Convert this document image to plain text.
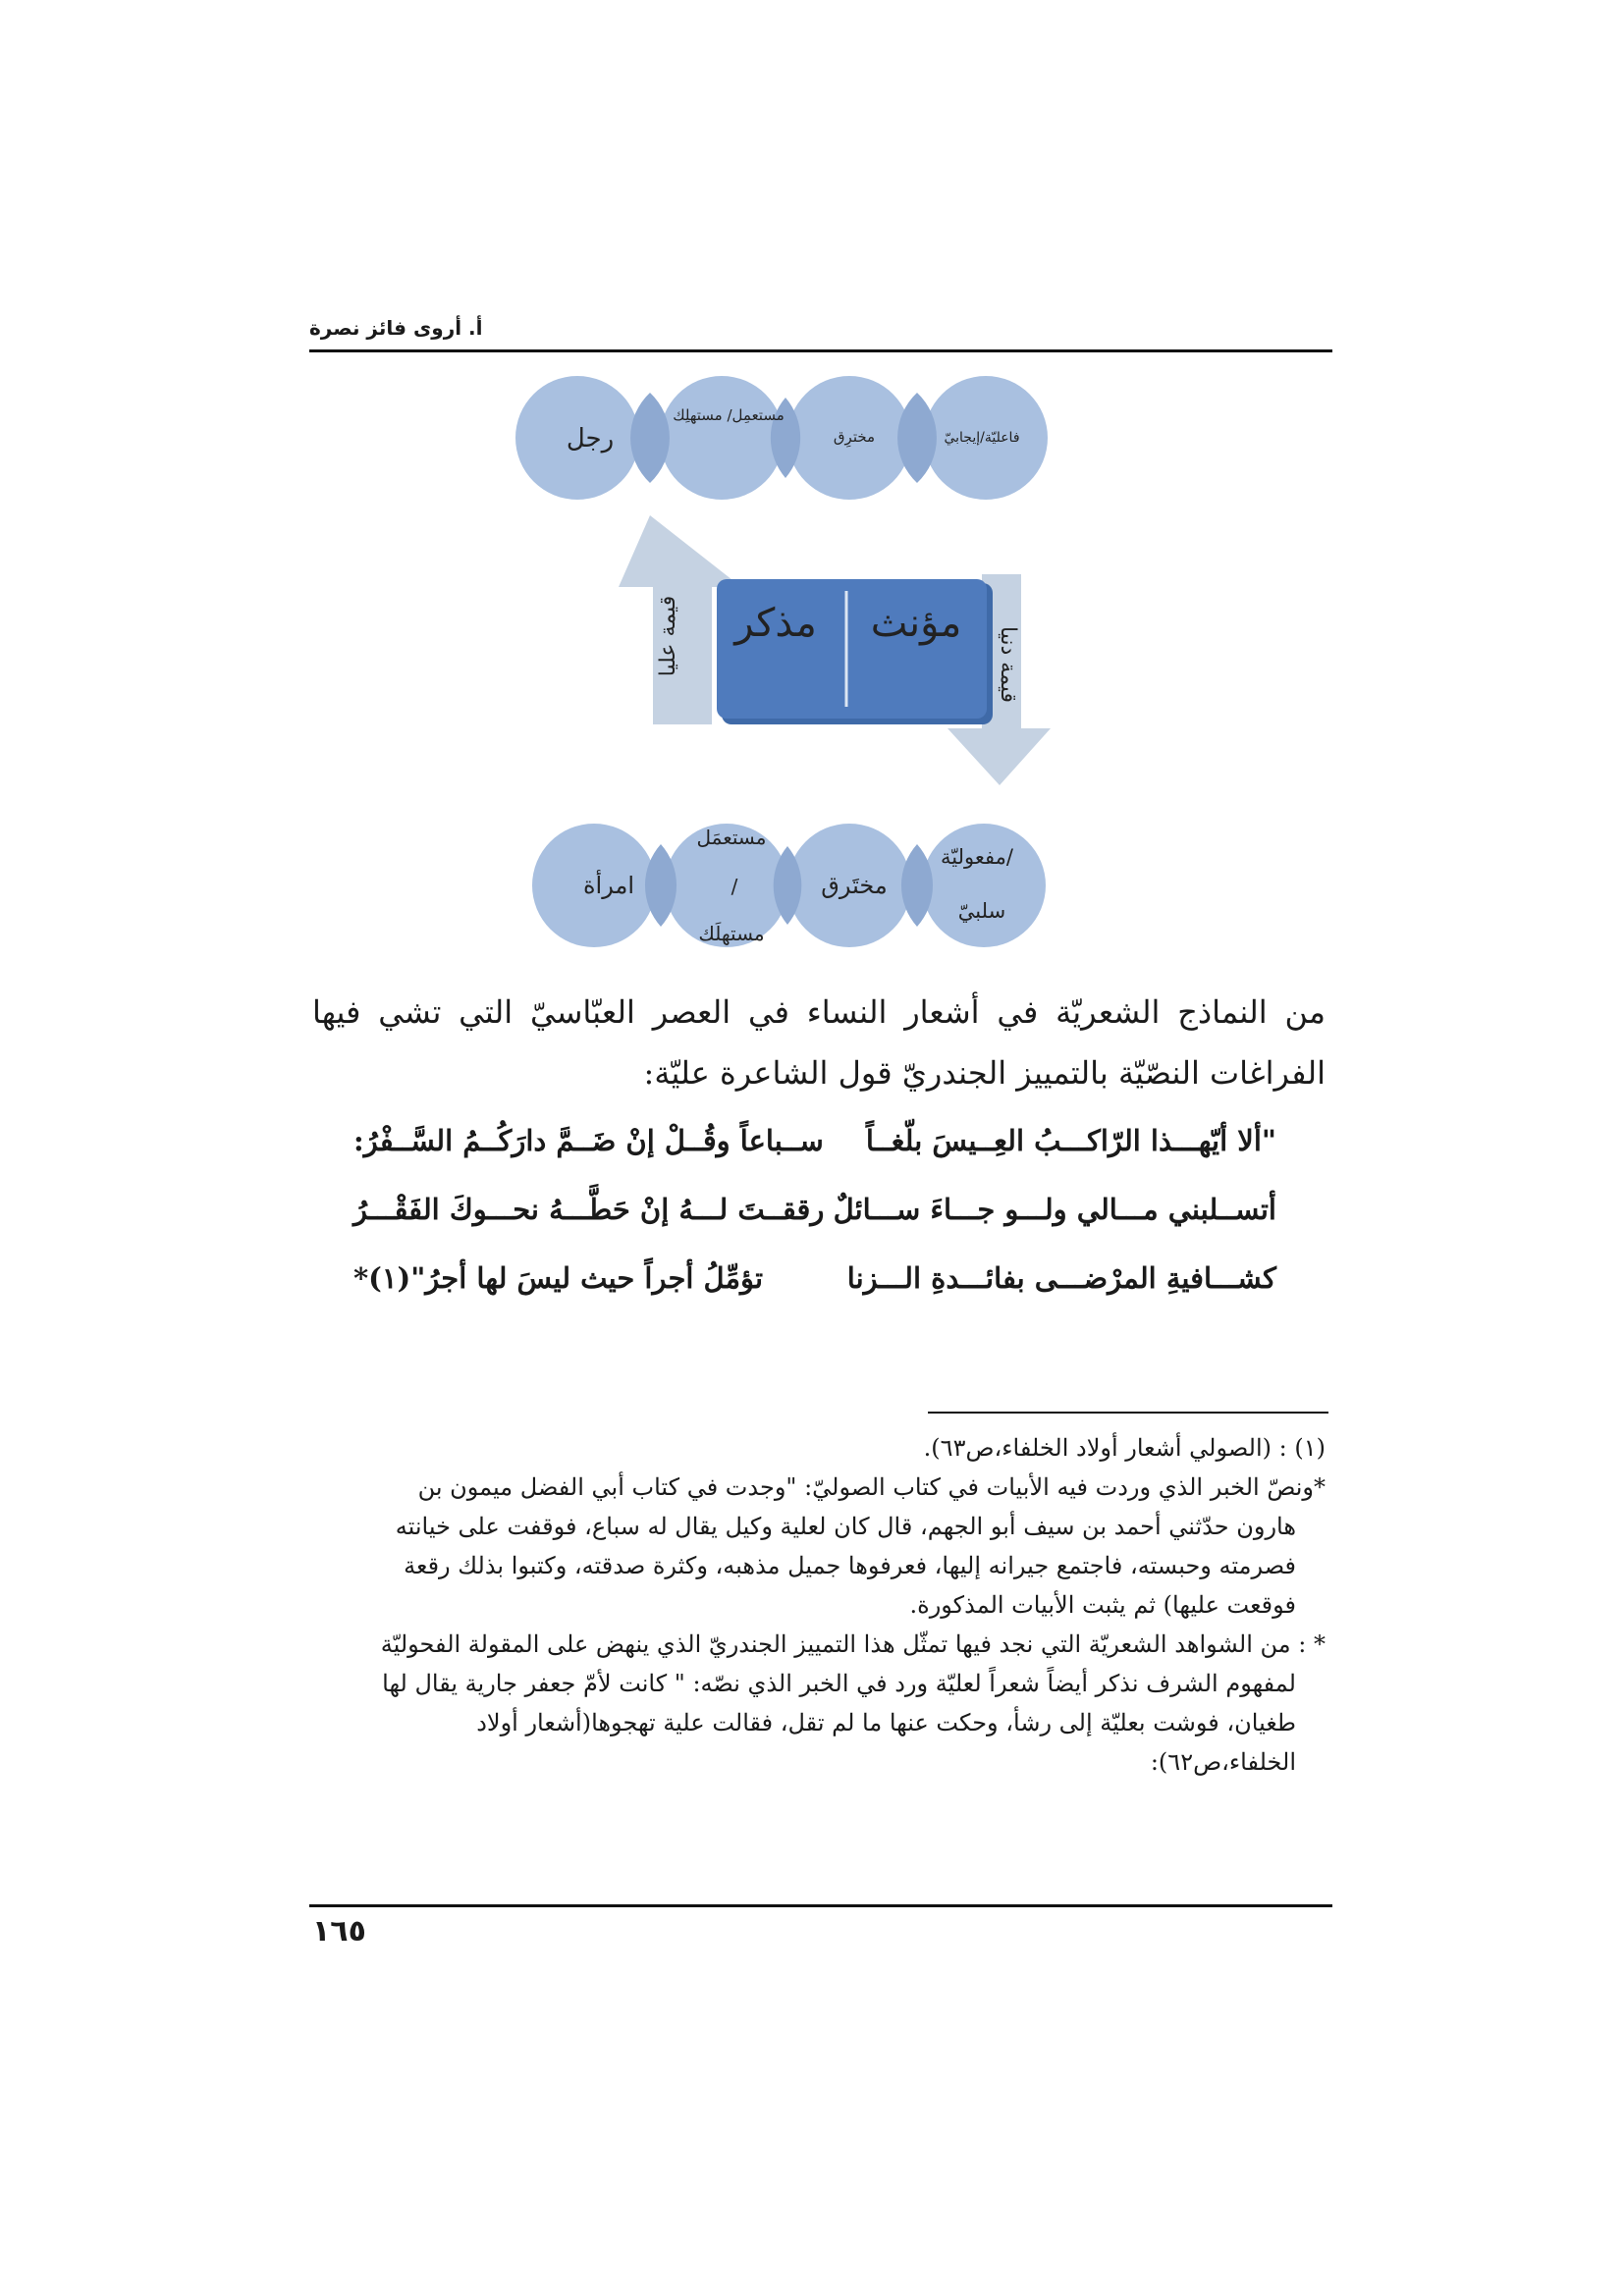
أ. أروى فائز نصرة
رجل
مستعمِل/ مستهلِك
مخترِق	فاعليّة/إيجابيّ
قيمة عليا	قيمة دنيا
مذكر مؤنث
امرأة
مستعمَل
/
مستهلَك
مختَرق
مفعوليّة/
سلبيّ
من النماذج الشعريّة في أشعار النساء في العصر العبّاسيّ التي تشي فيها الفراغات النصّيّة بالتمييز الجندريّ قول الشاعرة عليّة:
"ألا أيّهـــذا الرّاكـــبُ العِــيسَ بلّغــاً
ســباعاً وقُــلْ إنْ ضَــمَّ دارَكُــمُ السَّــفْرُ:
أتســلبني مـــالي ولـــو جـــاءَ ســـائلٌ
رققــتَ لـــهُ إنْ حَطَّـــهُ نحـــوكَ الفَقْـــرُ
كشـــافيةِ المرْضـــى بفائـــدةِ الـــزنا
تؤمِّلُ أجراً حيث ليسَ لها أجرُ"(١)*
(١) : (الصولي أشعار أولاد الخلفاء،ص٦٣).
*ونصّ الخبر الذي وردت فيه الأبيات في كتاب الصوليّ: "وجدت في كتاب أبي الفضل ميمون بن
هارون حدّثني أحمد بن سيف أبو الجهم، قال كان لعلية وكيل يقال له سباع، فوقفت على خيانته
فصرمته وحبسته، فاجتمع جيرانه إليها، فعرفوها جميل مذهبه، وكثرة صدقته، وكتبوا بذلك رقعة
فوقعت عليها) ثم يثبت الأبيات المذكورة.
* : من الشواهد الشعريّة التي نجد فيها تمثّل هذا التمييز الجندريّ الذي ينهض على المقولة الفحوليّة
لمفهوم الشرف نذكر أيضاً شعراً لعليّة ورد في الخبر الذي نصّه: " كانت لأمّ جعفر جارية يقال لها
طغيان، فوشت بعليّة إلى رشأ، وحكت عنها ما لم تقل، فقالت علية تهجوها(أشعار أولاد
الخلفاء،ص٦٢):
١٦٥
